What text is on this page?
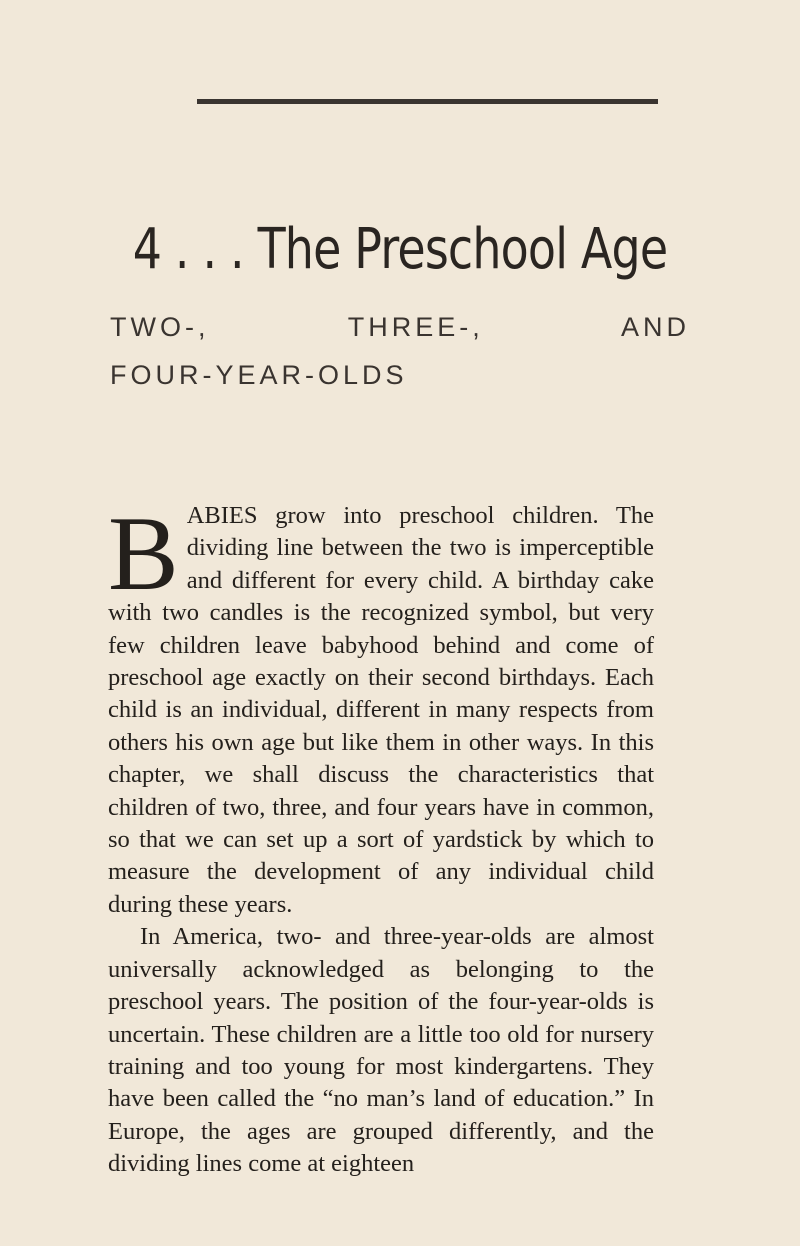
4 . . . The Preschool Age
TWO-, THREE-, AND
FOUR-YEAR-OLDS

BABIES grow into preschool children. The dividing line between the two is imperceptible and different for every child. A birthday cake with two candles is the recognized symbol, but very few children leave babyhood behind and come of preschool age exactly on their second birthdays. Each child is an individual, different in many respects from others his own age but like them in other ways. In this chapter, we shall discuss the characteristics that children of two, three, and four years have in common, so that we can set up a sort of yardstick by which to measure the development of any individual child during these years.

In America, two- and three-year-olds are almost universally acknowledged as belonging to the preschool years. The position of the four-year-olds is uncertain. These children are a little too old for nursery training and too young for most kindergartens. They have been called the “no man’s land of education.” In Europe, the ages are grouped differently, and the dividing lines come at eighteen
